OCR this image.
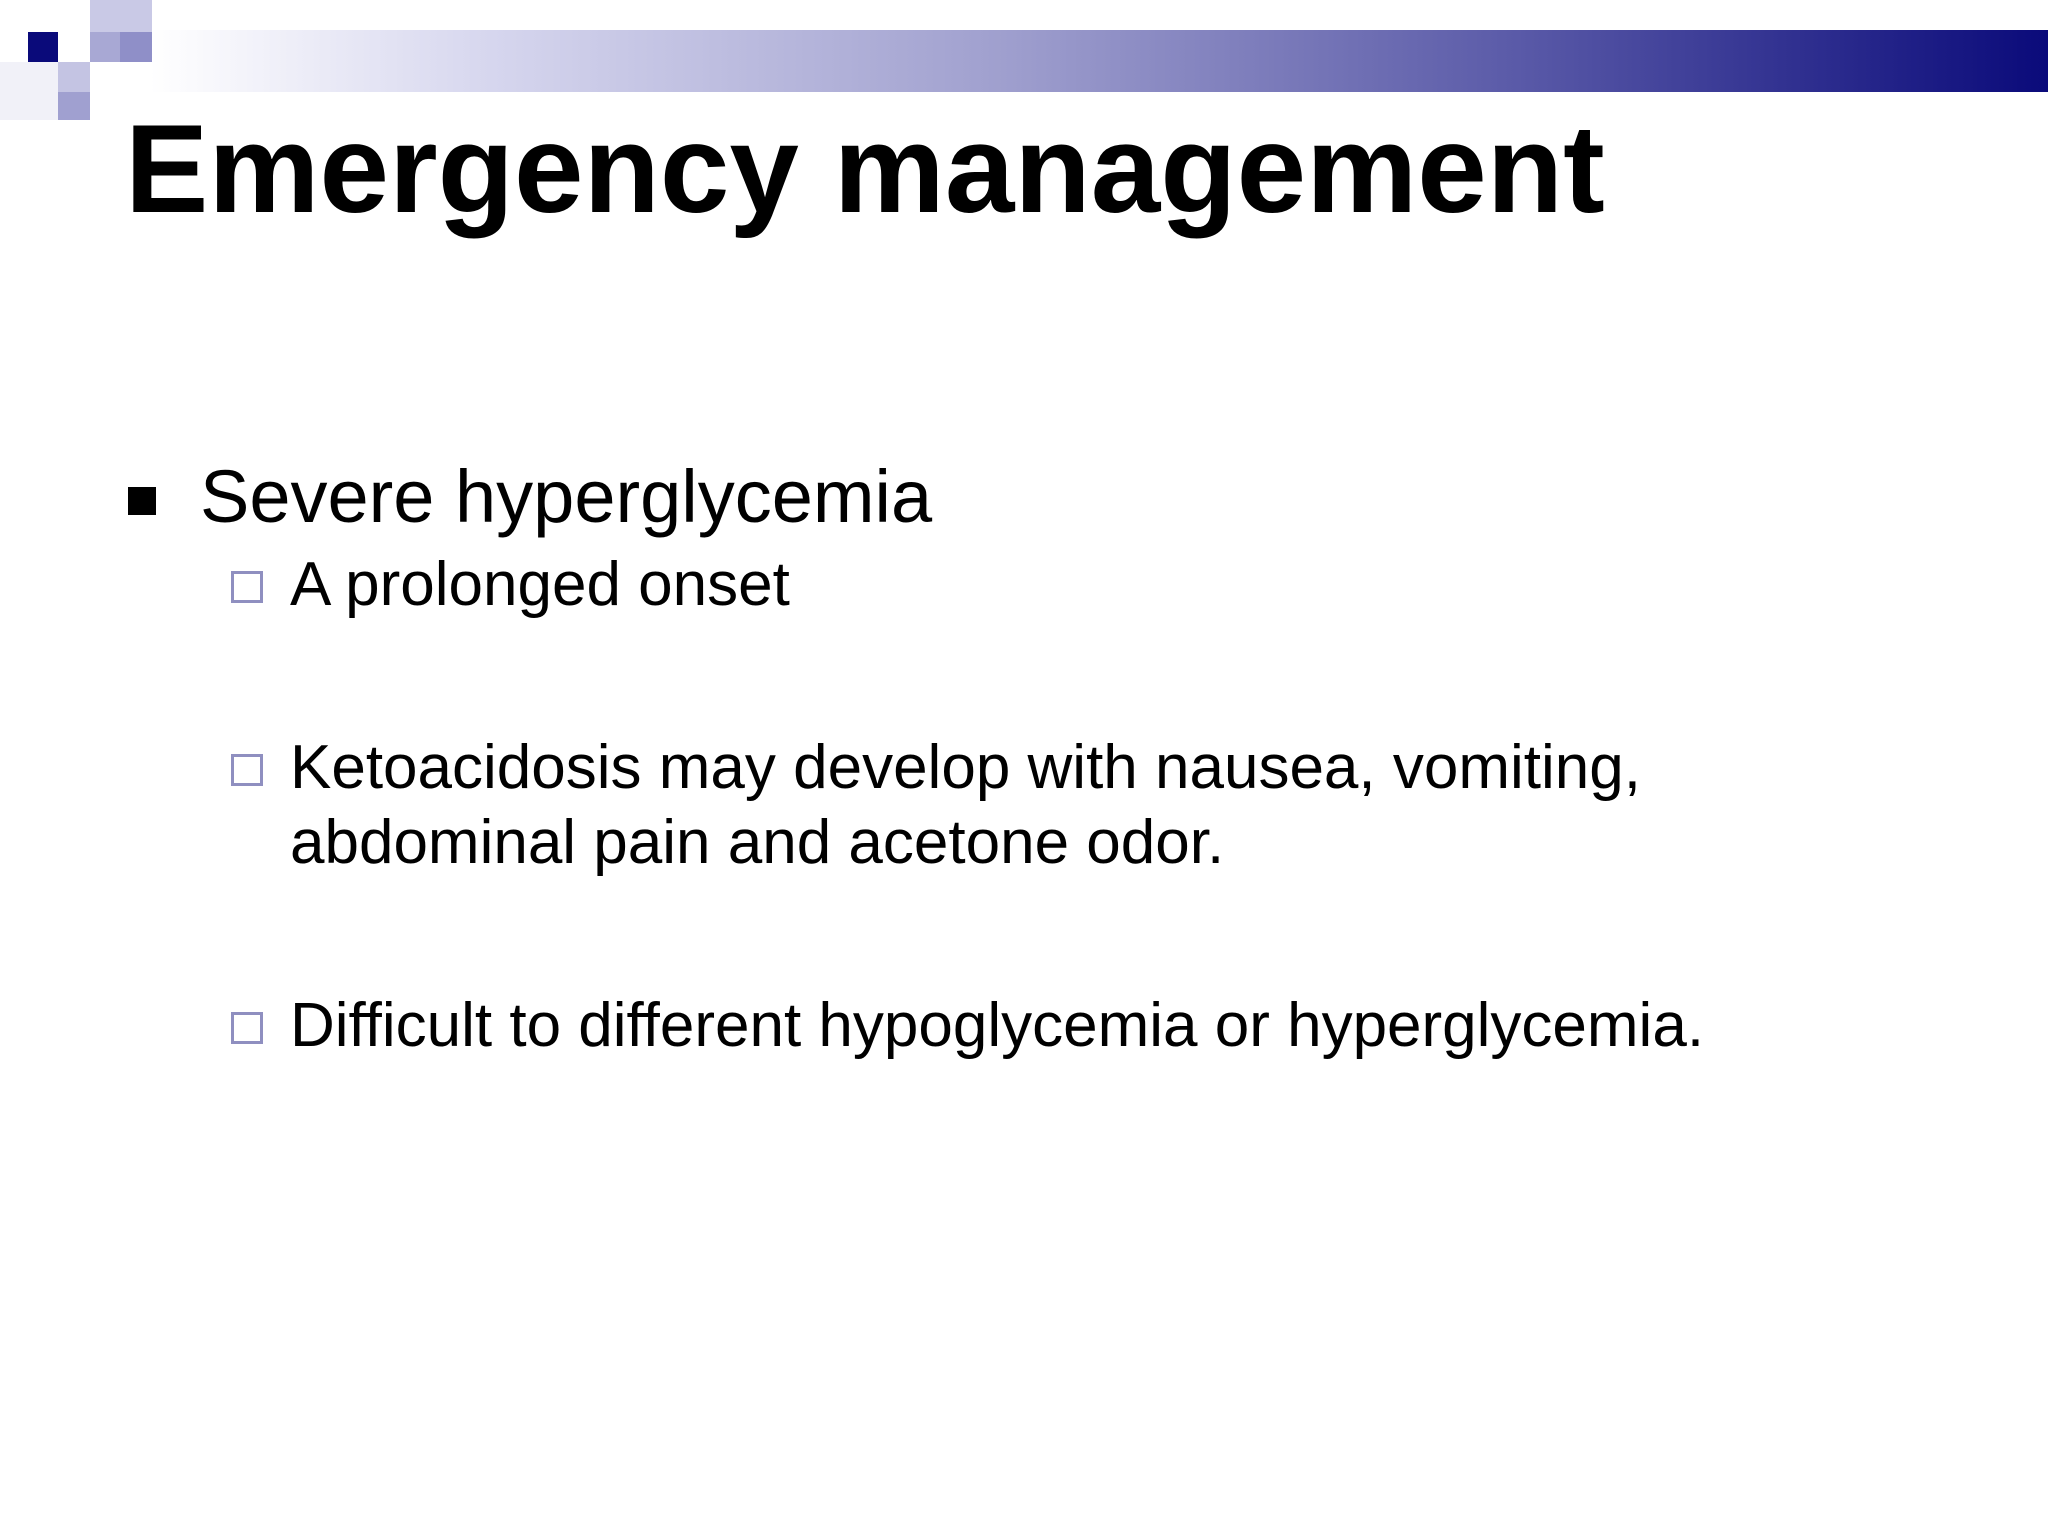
Emergency management
Severe hyperglycemia
A prolonged onset
Ketoacidosis may develop with nausea, vomiting, abdominal pain and acetone odor.
Difficult to different hypoglycemia or hyperglycemia.
